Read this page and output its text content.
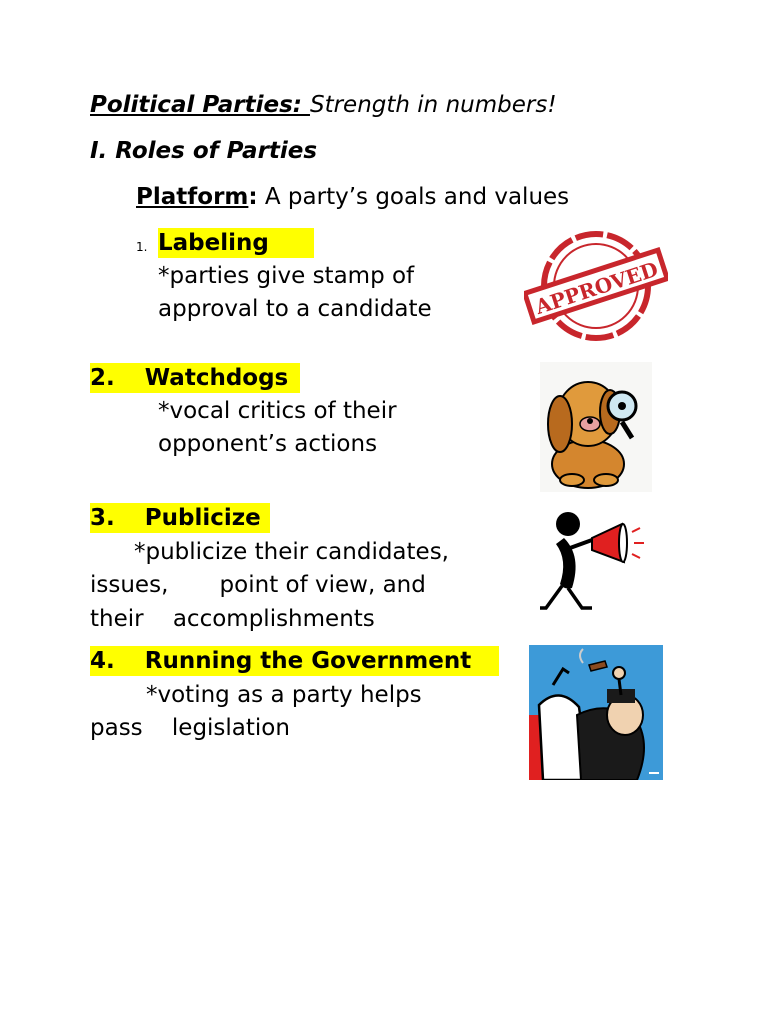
Political Parties: Strength in numbers!
I. Roles of Parties
Platform: A party’s goals and values
1. Labeling
*parties give stamp of
approval to a candidate
2. Watchdogs
*vocal critics of their
opponent’s actions
3. Publicize
*publicize their candidates,
issues,       point of view, and
their    accomplishments
4. Running the Government
*voting as a party helps
pass    legislation
APPROVED
